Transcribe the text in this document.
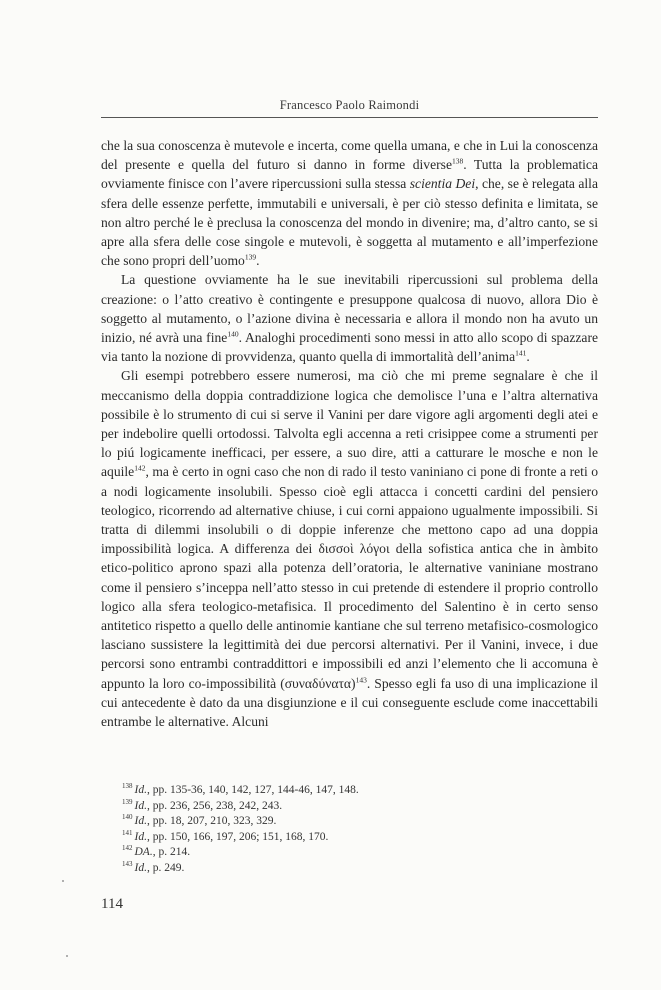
Francesco Paolo Raimondi

che la sua conoscenza è mutevole e incerta, come quella umana, e che in Lui la conoscenza del presente e quella del futuro si danno in forme diverse$^{138}$. Tutta la problematica ovviamente finisce con l’avere ripercussioni sulla stessa scientia Dei, che, se è relegata alla sfera delle essenze perfette, immutabili e universali, è per ciò stesso definita e limitata, se non altro perché le è preclusa la conoscenza del mondo in divenire; ma, d’altro canto, se si apre alla sfera delle cose singole e mutevoli, è soggetta al mutamento e all’imperfezione che sono propri dell’uomo$^{139}$.

La questione ovviamente ha le sue inevitabili ripercussioni sul problema della creazione: o l’atto creativo è contingente e presuppone qualcosa di nuovo, allora Dio è soggetto al mutamento, o l’azione divina è necessaria e allora il mondo non ha avuto un inizio, né avrà una fine$^{140}$. Analoghi procedimenti sono messi in atto allo scopo di spazzare via tanto la nozione di provvidenza, quanto quella di immortalità dell’anima$^{141}$.

Gli esempi potrebbero essere numerosi, ma ciò che mi preme segnalare è che il meccanismo della doppia contraddizione logica che demolisce l’una e l’altra alternativa possibile è lo strumento di cui si serve il Vanini per dare vigore agli argomenti degli atei e per indebolire quelli ortodossi. Talvolta egli accenna a reti crisippee come a strumenti per lo piú logicamente inefficaci, per essere, a suo dire, atti a catturare le mosche e non le aquile$^{142}$, ma è certo in ogni caso che non di rado il testo vaniniano ci pone di fronte a reti o a nodi logicamente insolubili. Spesso cioè egli attacca i concetti cardini del pensiero teologico, ricorrendo ad alternative chiuse, i cui corni appaiono ugualmente impossibili. Si tratta di dilemmi insolubili o di doppie inferenze che mettono capo ad una doppia impossibilità logica. A differenza dei δισσοὶ λόγοι della sofistica antica che in àmbito etico-politico aprono spazi alla potenza dell’oratoria, le alternative vaniniane mostrano come il pensiero s’inceppa nell’atto stesso in cui pretende di estendere il proprio controllo logico alla sfera teologico-metafisica. Il procedimento del Salentino è in certo senso antitetico rispetto a quello delle antinomie kantiane che sul terreno metafisico-cosmologico lasciano sussistere la legittimità dei due percorsi alternativi. Per il Vanini, invece, i due percorsi sono entrambi contraddittori e impossibili ed anzi l’elemento che li accomuna è appunto la loro co-impossibilità $(\sigma\upsilon\nu\alpha\delta ύ\nu\alpha\tau\alpha)^{143}$. Spesso egli fa uso di una implicazione il cui antecedente è dato da una disgiunzione e il cui conseguente esclude come inaccettabili entrambe le alternative. Alcuni

$^{138}$ Id., pp. 135-36, 140, 142, 127, 144-46, 147, 148.
$^{139}$ Id., pp. 236, 256, 238, 242, 243.
$^{140}$ Id., pp. 18, 207, 210, 323, 329.
$^{141}$ Id., pp. 150, 166, 197, 206; 151, 168, 170.
$^{142}$ DA., p. 214.
$^{143}$ Id., p. 249.
114
